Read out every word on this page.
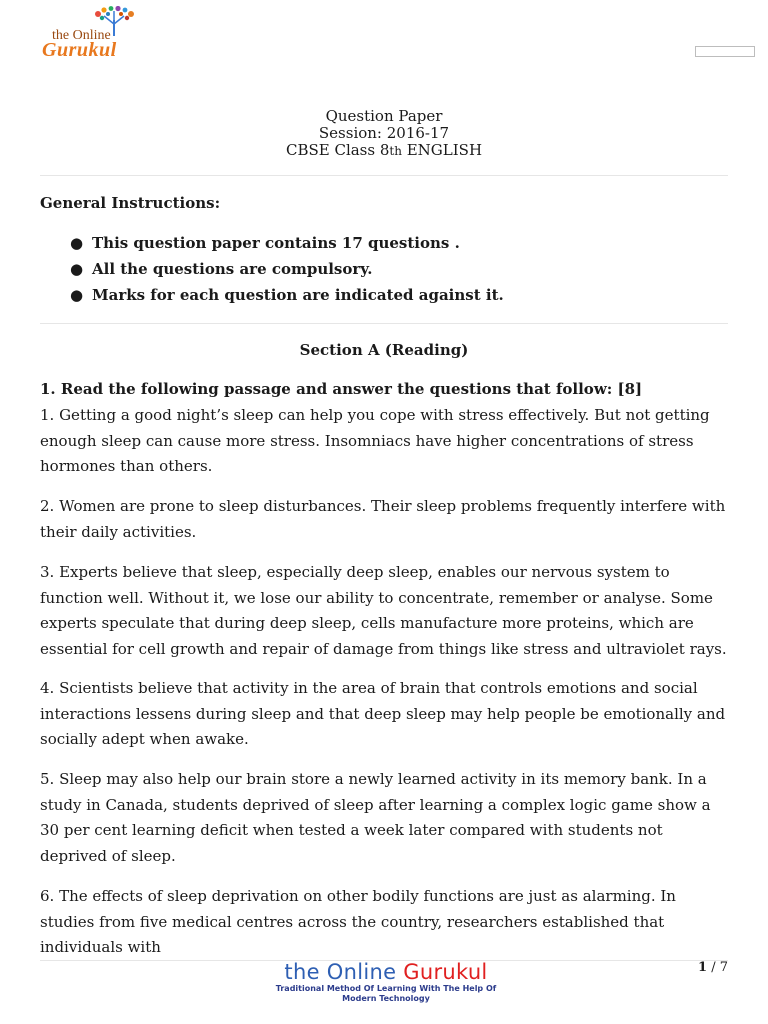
the Online
Gurukul
Question Paper
Session: 2016-17
CBSE Class 8th ENGLISH
General Instructions:
● This question paper contains 17 questions .
● All the questions are compulsory.
● Marks for each question are indicated against it.
Section A (Reading)
1. Read the following passage and answer the questions that follow: [8]

1. Getting a good night’s sleep can help you cope with stress effectively. But not getting enough sleep can cause more stress. Insomniacs have higher concentrations of stress hormones than others.

2. Women are prone to sleep disturbances. Their sleep problems frequently interfere with their daily activities.

3. Experts believe that sleep, especially deep sleep, enables our nervous system to function well. Without it, we lose our ability to concentrate, remember or analyse. Some experts speculate that during deep sleep, cells manufacture more proteins, which are essential for cell growth and repair of damage from things like stress and ultraviolet rays.

4. Scientists believe that activity in the area of brain that controls emotions and social interactions lessens during sleep and that deep sleep may help people be emotionally and socially adept when awake.

5. Sleep may also help our brain store a newly learned activity in its memory bank. In a study in Canada, students deprived of sleep after learning a complex logic game show a 30 per cent learning deficit when tested a week later compared with students not deprived of sleep.

6. The effects of sleep deprivation on other bodily functions are just as alarming. In studies from five medical centres across the country, researchers established that individuals with

the Online Gurukul
Traditional Method Of Learning With The Help Of
Modern Technology
1 / 7
